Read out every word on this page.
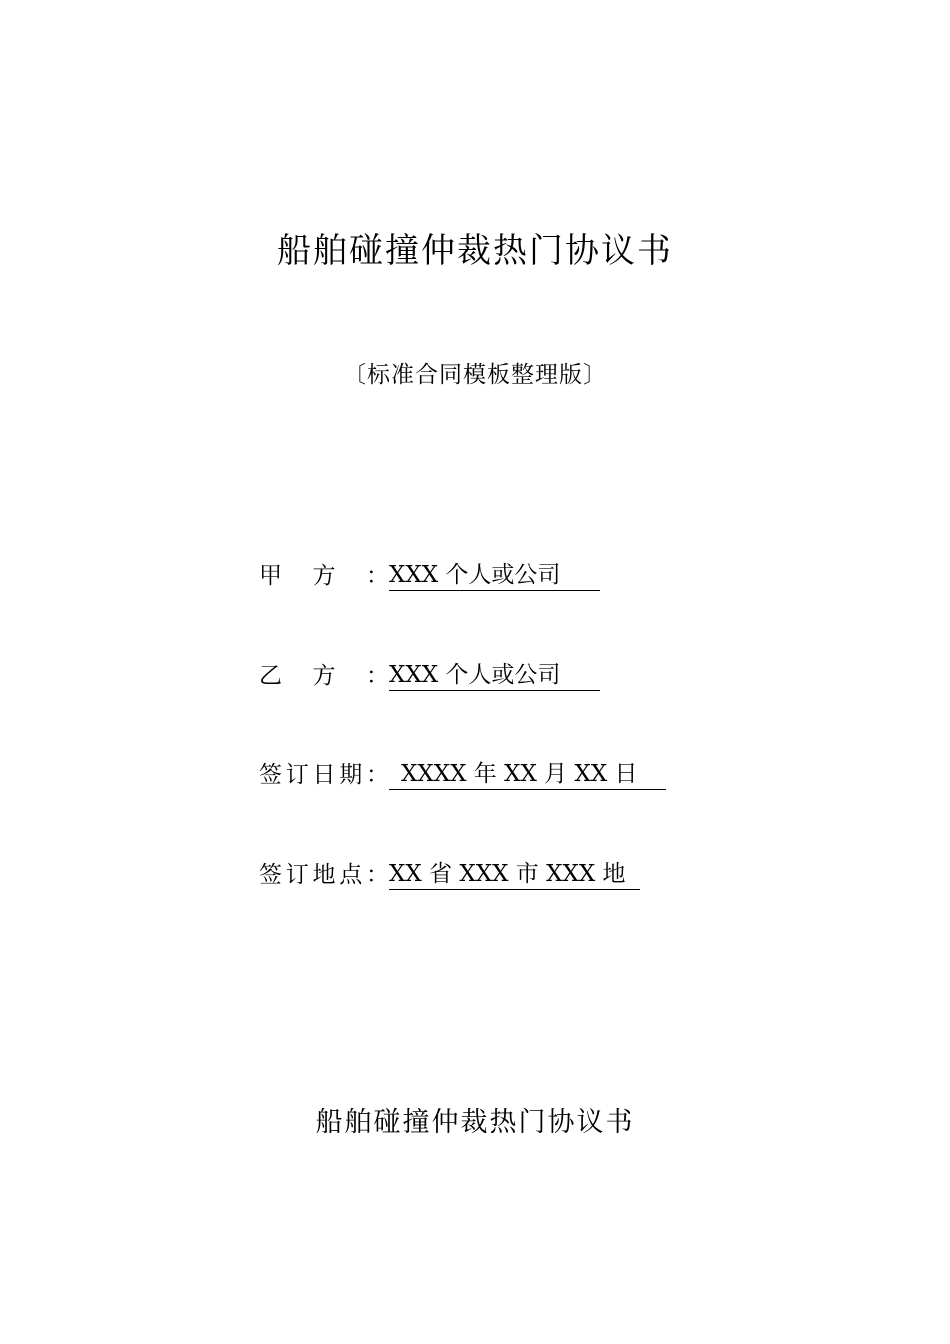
船舶碰撞仲裁热门协议书
〔标准合同模板整理版〕
甲方：XXX 个人或公司
乙方：XXX 个人或公司
签订日期： XXXX 年 XX 月 XX 日
签订地点：XX 省 XXX 市 XXX 地
船舶碰撞仲裁热门协议书
